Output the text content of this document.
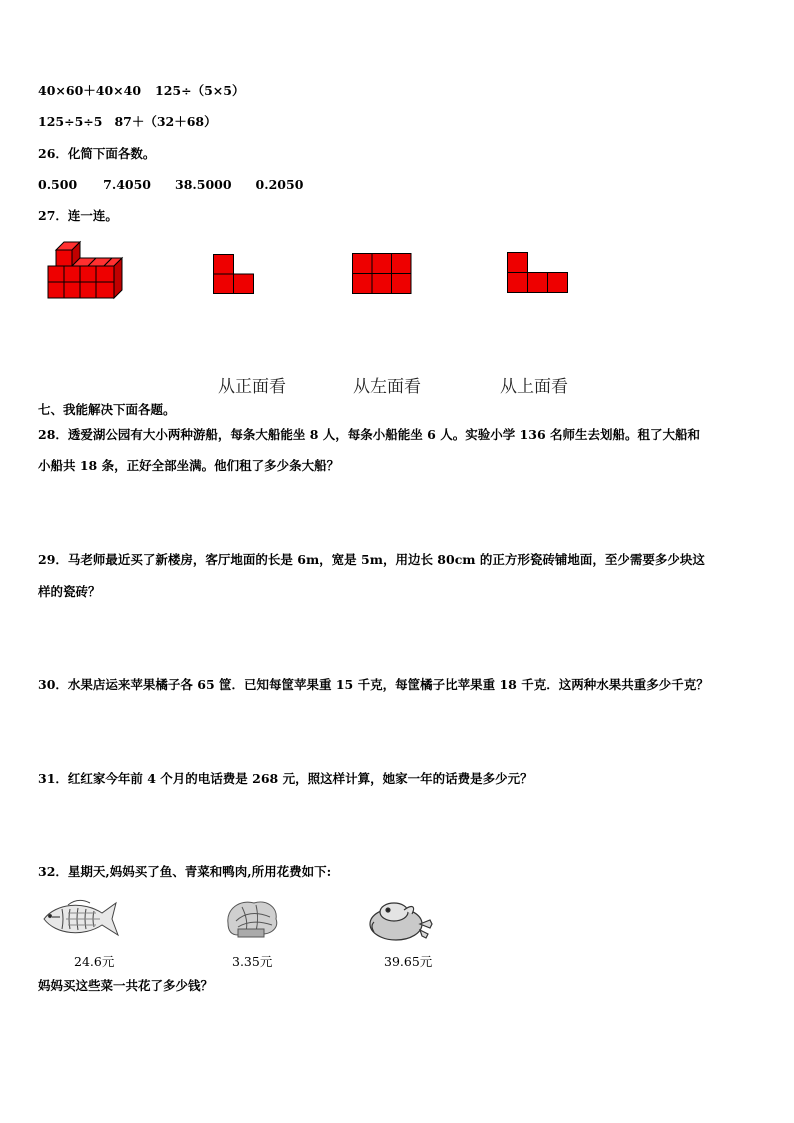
40×60＋40×40 125÷（5×5）
125÷5÷5 87＋（32＋68）
26．化简下面各数。
0.500 7.4050 38.5000 0.2050
27．连一连。
从正面看	从左面看	从上面看
七、我能解决下面各题。
28．透爱湖公园有大小两种游船，每条大船能坐 8 人，每条小船能坐 6 人。实验小学 136 名师生去划船。租了大船和
小船共 18 条，正好全部坐满。他们租了多少条大船？
29．马老师最近买了新楼房，客厅地面的长是 6m，宽是 5m，用边长 80cm 的正方形瓷砖铺地面，至少需要多少块这
样的瓷砖？
30．水果店运来苹果橘子各 65 筐．已知每筐苹果重 15 千克，每筐橘子比苹果重 18 千克．这两种水果共重多少千克？
31．红红家今年前 4 个月的电话费是 268 元，照这样计算，她家一年的话费是多少元？
32．星期天,妈妈买了鱼、青菜和鸭肉,所用花费如下:
24.6元	3.35元	39.65元
妈妈买这些菜一共花了多少钱？
